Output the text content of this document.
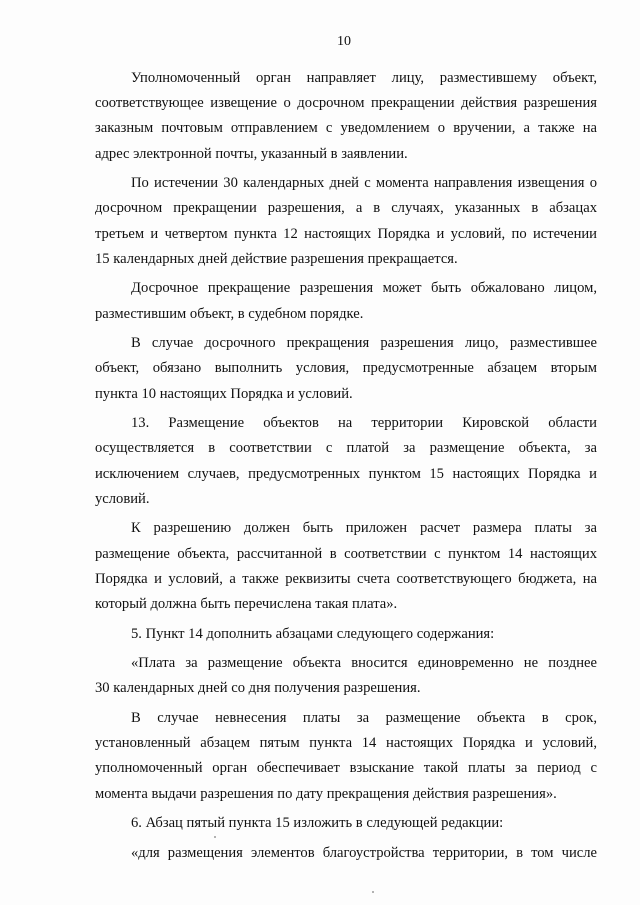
10
Уполномоченный орган направляет лицу, разместившему объект,
соответствующее извещение о досрочном прекращении действия разрешения
заказным почтовым отправлением с уведомлением о вручении, а также на
адрес электронной почты, указанный в заявлении.
По истечении 30 календарных дней с момента направления извещения о
досрочном прекращении разрешения, а в случаях, указанных в абзацах
третьем и четвертом пункта 12 настоящих Порядка и условий, по истечении
15 календарных дней действие разрешения прекращается.
Досрочное прекращение разрешения может быть обжаловано лицом,
разместившим объект, в судебном порядке.
В случае досрочного прекращения разрешения лицо, разместившее
объект, обязано выполнить условия, предусмотренные абзацем вторым
пункта 10 настоящих Порядка и условий.
13. Размещение объектов на территории Кировской области
осуществляется в соответствии с платой за размещение объекта, за
исключением случаев, предусмотренных пунктом 15 настоящих Порядка и
условий.
К разрешению должен быть приложен расчет размера платы за
размещение объекта, рассчитанной в соответствии с пунктом 14 настоящих
Порядка и условий, а также реквизиты счета соответствующего бюджета, на
который должна быть перечислена такая плата».
5. Пункт 14 дополнить абзацами следующего содержания:
«Плата за размещение объекта вносится единовременно не позднее
30 календарных дней со дня получения разрешения.
В случае невнесения платы за размещение объекта в срок,
установленный абзацем пятым пункта 14 настоящих Порядка и условий,
уполномоченный орган обеспечивает взыскание такой платы за период с
момента выдачи разрешения по дату прекращения действия разрешения».
6. Абзац пятый пункта 15 изложить в следующей редакции:
«для размещения элементов благоустройства территории, в том числе
